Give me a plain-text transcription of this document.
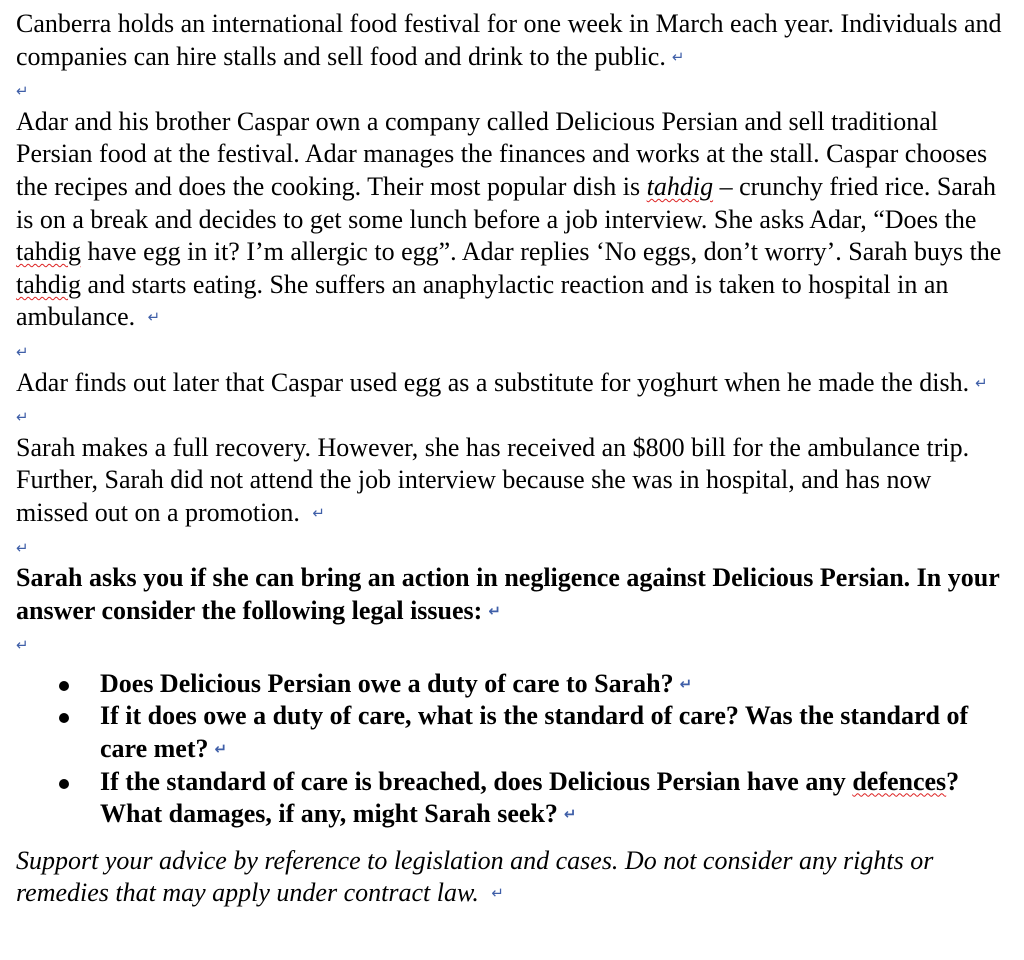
Canberra holds an international food festival for one week in March each year. Individuals and companies can hire stalls and sell food and drink to the public. ↵

↵

Adar and his brother Caspar own a company called Delicious Persian and sell traditional Persian food at the festival. Adar manages the finances and works at the stall. Caspar chooses the recipes and does the cooking. Their most popular dish is tahdig – crunchy fried rice. Sarah is on a break and decides to get some lunch before a job interview. She asks Adar, “Does the tahdig have egg in it? I’m allergic to egg”. Adar replies ‘No eggs, don’t worry’. Sarah buys the tahdig and starts eating. She suffers an anaphylactic reaction and is taken to hospital in an ambulance. ↵

↵

Adar finds out later that Caspar used egg as a substitute for yoghurt when he made the dish. ↵

↵

Sarah makes a full recovery. However, she has received an $800 bill for the ambulance trip. Further, Sarah did not attend the job interview because she was in hospital, and has now missed out on a promotion. ↵

↵

Sarah asks you if she can bring an action in negligence against Delicious Persian. In your answer consider the following legal issues: ↵

↵
Does Delicious Persian owe a duty of care to Sarah? ↵
If it does owe a duty of care, what is the standard of care? Was the standard of care met? ↵
If the standard of care is breached, does Delicious Persian have any defences? What damages, if any, might Sarah seek? ↵

Support your advice by reference to legislation and cases. Do not consider any rights or remedies that may apply under contract law. ↵
